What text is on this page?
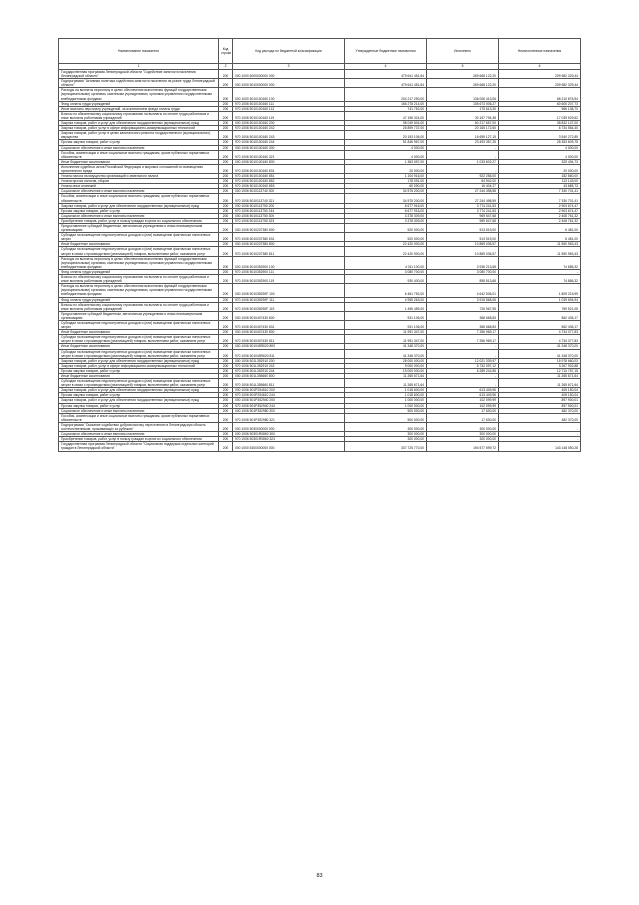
Наименование показателя	Код строки	Код расхода по бюджетной классификации	Утвержденные бюджетные назначения	Исполнено	Неисполненные назначения
1	2	3	4	5	6
Государственная программа Ленинградской области "Содействие занятости населения Ленинградской области"	200	000 1000 5000000000 000	479 641 451,64	269 668 122,20	209 982 329,44
Подпрограмма "Активная политика содействия занятости населения на рынке труда Ленинградской области"	200	000 1000 5010000000 000	479 641 451,64	269 668 122,20	209 982 329,44
Расходы на выплаты персоналу в целях обеспечения выполнения функций государственными (муниципальными) органами, казенными учреждениями, органами управления государственными внебюджетными фондами	200	000 1000 5010100160 100	204 217 290,00	136 006 413,06	68 210 876,94
Фонд оплаты труда учреждений	200	970 1006 5010100160 111	166 278 214,00	105 673 006,27	60 605 207,73
Иные выплаты персоналу учреждений, за исключением фонда оплаты труда	200	970 1006 5010100160 112	741 752,00	175 613,30	566 138,70
Взносы по обязательному социальному страхованию на выплаты по оплате труда работников и иные выплаты работникам учреждений	200	970 1006 5010100160 119	47 196 324,00	30 157 794,38	17 039 529,62
Закупка товаров, работ и услуг для обеспечения государственных (муниципальных) нужд	200	000 1006 5010100160 200	98 049 504,00	60 217 657,00	38 832 147,00
Закупка товаров, работ, услуг в сфере информационно-коммуникационных технологий	200	970 1006 5010100160 242	26 899 737,00	20 165 172,60	6 734 564,40
Закупка товаров, работ, услуг в целях капитального ремонта государственного (муниципального) имущества	200	970 1006 5010100160 243	20 193 106,00	16 659 127,15	3 540 272,85
Прочая закупка товаров, работ и услуг	200	970 1006 5010100160 244	51 846 967,00	23 493 357,25	28 353 609,75
Социальное обеспечение и иные выплаты населению	200	000 1006 5010100160 300	4 000,00	-	4 000,00
Пособия, компенсации и иные социальные выплаты гражданам, кроме публичных нормативных обязательств	200	970 1006 5010100160 321	4 000,00	-	4 000,00
Иные бюджетные ассигнования	200	000 1006 5010100160 800	1 363 097,00	1 033 602,27	329 494,73
Исполнение судебных актов Российской Федерации и мировых соглашений по возмещению причиненного вреда	200	970 1006 5010100160 831	20 000,00	-	20 000,00
Уплата налога на имущество организаций и земельного налога	200	970 1006 5010100160 851	1 104 916,00	922 256,00	182 660,00
Уплата прочих налогов, сборов	200	970 1006 5010100160 852	178 091,00	64 942,00	113 149,00
Уплата иных платежей	200	970 1006 5010100160 853	60 090,00	16 404,27	43 685,73
Социальное обеспечение и иные выплаты населению	200	000 1006 5010113740 300	34 575 200,00	27 244 498,58	7 330 701,41
Пособия, компенсации и иные социальные выплаты гражданам, кроме публичных нормативных обязательств	200	970 1006 5010113740 321	34 575 200,00	27 244 498,59	7 330 701,41
Закупка товаров, работ и услуг для обеспечения государственных (муниципальных) нужд	200	000 1006 5010113750 200	6 677 916,00	3 774 241,53	2 903 674,47
Прочая закупка товаров, работ и услуг	200	970 1006 5010113750 244	6 677 916,00	3 774 241,53	2 903 674,47
Социальное обеспечение и иные выплаты населению	200	000 1006 5010113750 300	3 378 309,00	969 547,68	2 408 761,32
Приобретение товаров, работ, услуг в пользу граждан в целях их социального обеспечения	200	970 1006 5010113750 323	3 378 309,00	969 547,68	2 408 761,32
Предоставление субсидий бюджетным, автономным учреждениям и иным некоммерческим организациям	200	000 1006 5010207380 600	520 000,00	513 519,00	6 481,00
Субсидии на возмещение недополученных доходов и (или) возмещение фактически понесенных затрат	200	970 1006 5010207380 631	520 000,00	513 519,00	6 481,00
Иные бюджетные ассигнования	200	000 1006 5010207380 800	22 420 000,00	10 869 036,57	11 550 963,43
Субсидии на возмещение недополученных доходов и (или) возмещение фактически понесенных затрат в связи с производством (реализацией) товаров, выполнением работ, оказанием услуг	200	970 1006 5010207380 811	22 420 000,00	10 869 036,57	11 550 963,43
Расходы на выплаты персоналу в целях обеспечения выполнения функций государственными (муниципальными) органами, казенными учреждениями, органами управления государственными внебюджетными фондами	200	000 1006 5010352900 100	4 011 100,00	3 936 213,68	74 886,32
Фонд оплаты труда учреждений	200	970 1006 5010352900 111	3 080 700,00	3 080 700,00	-
Взносы по обязательному социальному страхованию на выплаты по оплате труда работников и иные выплаты работникам учреждений	200	970 1006 5010352900 119	930 400,00	855 513,68	74 886,32
Расходы на выплаты персоналу в целях обеспечения выполнения функций государственными (муниципальными) органами, казенными учреждениями, органами управления государственными внебюджетными фондами	200	000 1006 501035290F 100	6 461 752,00	4 642 536,01	1 809 215,99
Фонд оплаты труда учреждений	200	970 1006 501035290F 111	4 955 263,00	3 915 568,06	1 039 694,94
Взносы по обязательному социальному страхованию на выплаты по оплате труда работников и иные выплаты работникам учреждений	200	970 1006 501035290F 119	1 496 489,00	726 967,95	769 521,05
Предоставление субсидий бюджетным, автономным учреждениям и иным некоммерческим организациям	200	000 1006 5010407430 600	931 106,00	368 668,83	562 436,17
Субсидии на возмещение недополученных доходов и (или) возмещение фактически понесенных затрат	200	970 1006 5010407430 631	931 106,00	368 668,83	562 436,17
Иные бюджетные ассигнования	200	000 1006 5010407430 800	11 991 347,00	7 256 969,17	4 734 377,83
Субсидии на возмещение недополученных доходов и (или) возмещение фактически понесенных затрат в связи с производством (реализацией) товаров, выполнением работ, оказанием услуг	200	970 1006 5010407430 811	11 991 347,00	7 256 969,17	4 734 377,83
Иные бюджетные ассигнования	200	000 1006 501045R620 800	41 348 370,00	-	41 348 370,00
Субсидии на возмещение недополученных доходов и (или) возмещение фактически понесенных затрат в связи с производством (реализацией) товаров, выполнением работ, оказанием услуг	200	970 1006 501045R620 811	41 348 370,00	-	41 348 370,00
Закупка товаров, работ и услуг для обеспечения государственных (муниципальных) нужд	200	000 1006 501L352910 200	28 000 000,00	12 021 339,97	15 978 660,03
Закупка товаров, работ, услуг в сфере информационно-коммуникационных технологий	200	970 1006 501L352910 242	9 000 000,00	5 732 097,12	3 267 902,88
Прочая закупка товаров, работ и услуг	200	970 1006 501L352910 244	19 000 000,00	6 289 242,85	12 710 757,15
Иные бюджетные ассигнования	200	000 1006 501L355660 800	11 265 671,64	-	11 265 671,64
Субсидии на возмещение недополученных доходов и (или) возмещение фактически понесенных затрат в связи с производством (реализацией) товаров, выполнением работ, оказанием услуг	200	970 1006 501L355660 811	11 265 671,64	-	11 265 671,64
Закупка товаров, работ и услуг для обеспечения государственных (муниципальных) нужд	200	000 1006 501P254610 200	1 018 600,00	613 449,96	405 150,04
Прочая закупка товаров, работ и услуг	200	970 1006 501P254610 244	1 018 600,00	613 449,96	405 150,04
Закупка товаров, работ и услуг для обеспечения государственных (муниципальных) нужд	200	000 1006 501P352940 200	1 000 000,00	102 099,99	897 900,01
Прочая закупка товаров, работ и услуг	200	970 1006 501P352940 244	1 000 000,00	102 099,99	897 900,01
Социальное обеспечение и иные выплаты населению	200	000 1006 501P352980 300	500 000,00	17 630,00	482 370,00
Пособия, компенсации и иные социальные выплаты гражданам, кроме публичных нормативных обязательств	200	970 1006 501P352980 321	500 000,00	17 630,00	482 370,00
Подпрограмма "Оказание содействия добровольному переселению в Ленинградскую область соотечественников, проживающих за рубежом"	200	000 1000 5030000000 000	300 000,00	300 000,00	-
Социальное обеспечение и иные выплаты населению	200	000 1006 50301R0860 300	300 000,00	300 000,00	-
Приобретение товаров, работ, услуг в пользу граждан в целях их социального обеспечения	200	970 1006 50301R0860 323	300 000,00	300 000,00	-
Государственная программа Ленинградской области "Социальная поддержка отдельных категорий граждан в Ленинградской области"	200	000 1000 6300000000 000	337 725 770,00	194 577 599,72	143 148 050,28
83
